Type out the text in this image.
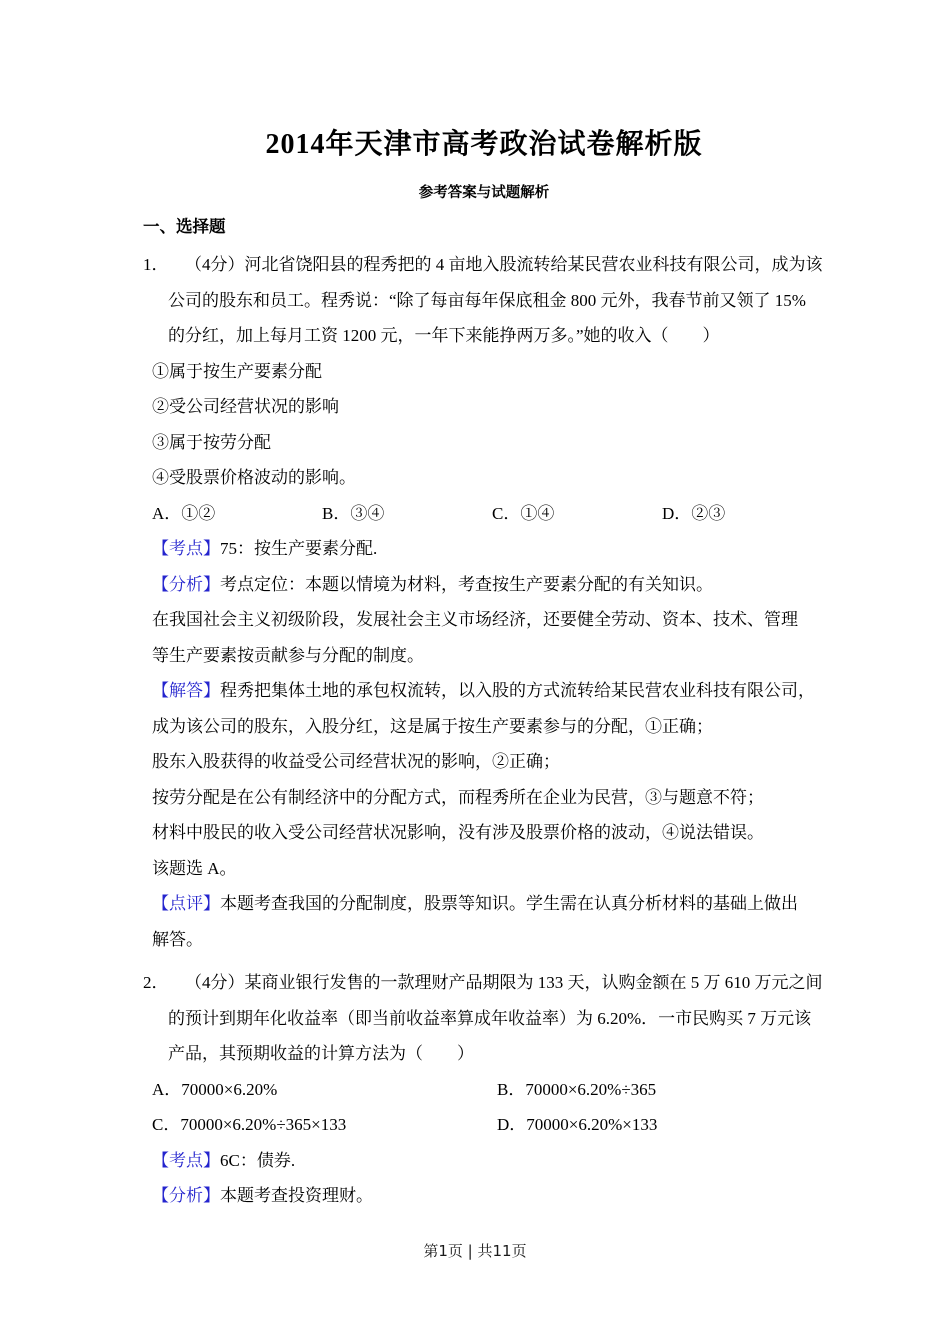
2014年天津市高考政治试卷解析版
参考答案与试题解析
一、选择题
1． （4分）河北省饶阳县的程秀把的 4 亩地入股流转给某民营农业科技有限公司，成为该
公司的股东和员工。程秀说：“除了每亩每年保底租金 800 元外，我春节前又领了 15%
的分红，加上每月工资 1200 元，一年下来能挣两万多。”她的收入（　　）
①属于按生产要素分配
②受公司经营状况的影响
③属于按劳分配
④受股票价格波动的影响。
A．①②	B．③④	C．①④	D．②③
【考点】75：按生产要素分配.
【分析】考点定位：本题以情境为材料，考查按生产要素分配的有关知识。
在我国社会主义初级阶段，发展社会主义市场经济，还要健全劳动、资本、技术、管理
等生产要素按贡献参与分配的制度。
【解答】程秀把集体土地的承包权流转，以入股的方式流转给某民营农业科技有限公司，
成为该公司的股东，入股分红，这是属于按生产要素参与的分配，①正确；
股东入股获得的收益受公司经营状况的影响，②正确；
按劳分配是在公有制经济中的分配方式，而程秀所在企业为民营，③与题意不符；
材料中股民的收入受公司经营状况影响，没有涉及股票价格的波动，④说法错误。
该题选 A。
【点评】本题考查我国的分配制度，股票等知识。学生需在认真分析材料的基础上做出
解答。
2． （4分）某商业银行发售的一款理财产品期限为 133 天，认购金额在 5 万 610 万元之间
的预计到期年化收益率（即当前收益率算成年收益率）为 6.20%．一市民购买 7 万元该
产品，其预期收益的计算方法为（　　）
A．70000×6.20%	B．70000×6.20%÷365
C．70000×6.20%÷365×133	D．70000×6.20%×133
【考点】6C：债券.
【分析】本题考查投资理财。
第1页 | 共11页
